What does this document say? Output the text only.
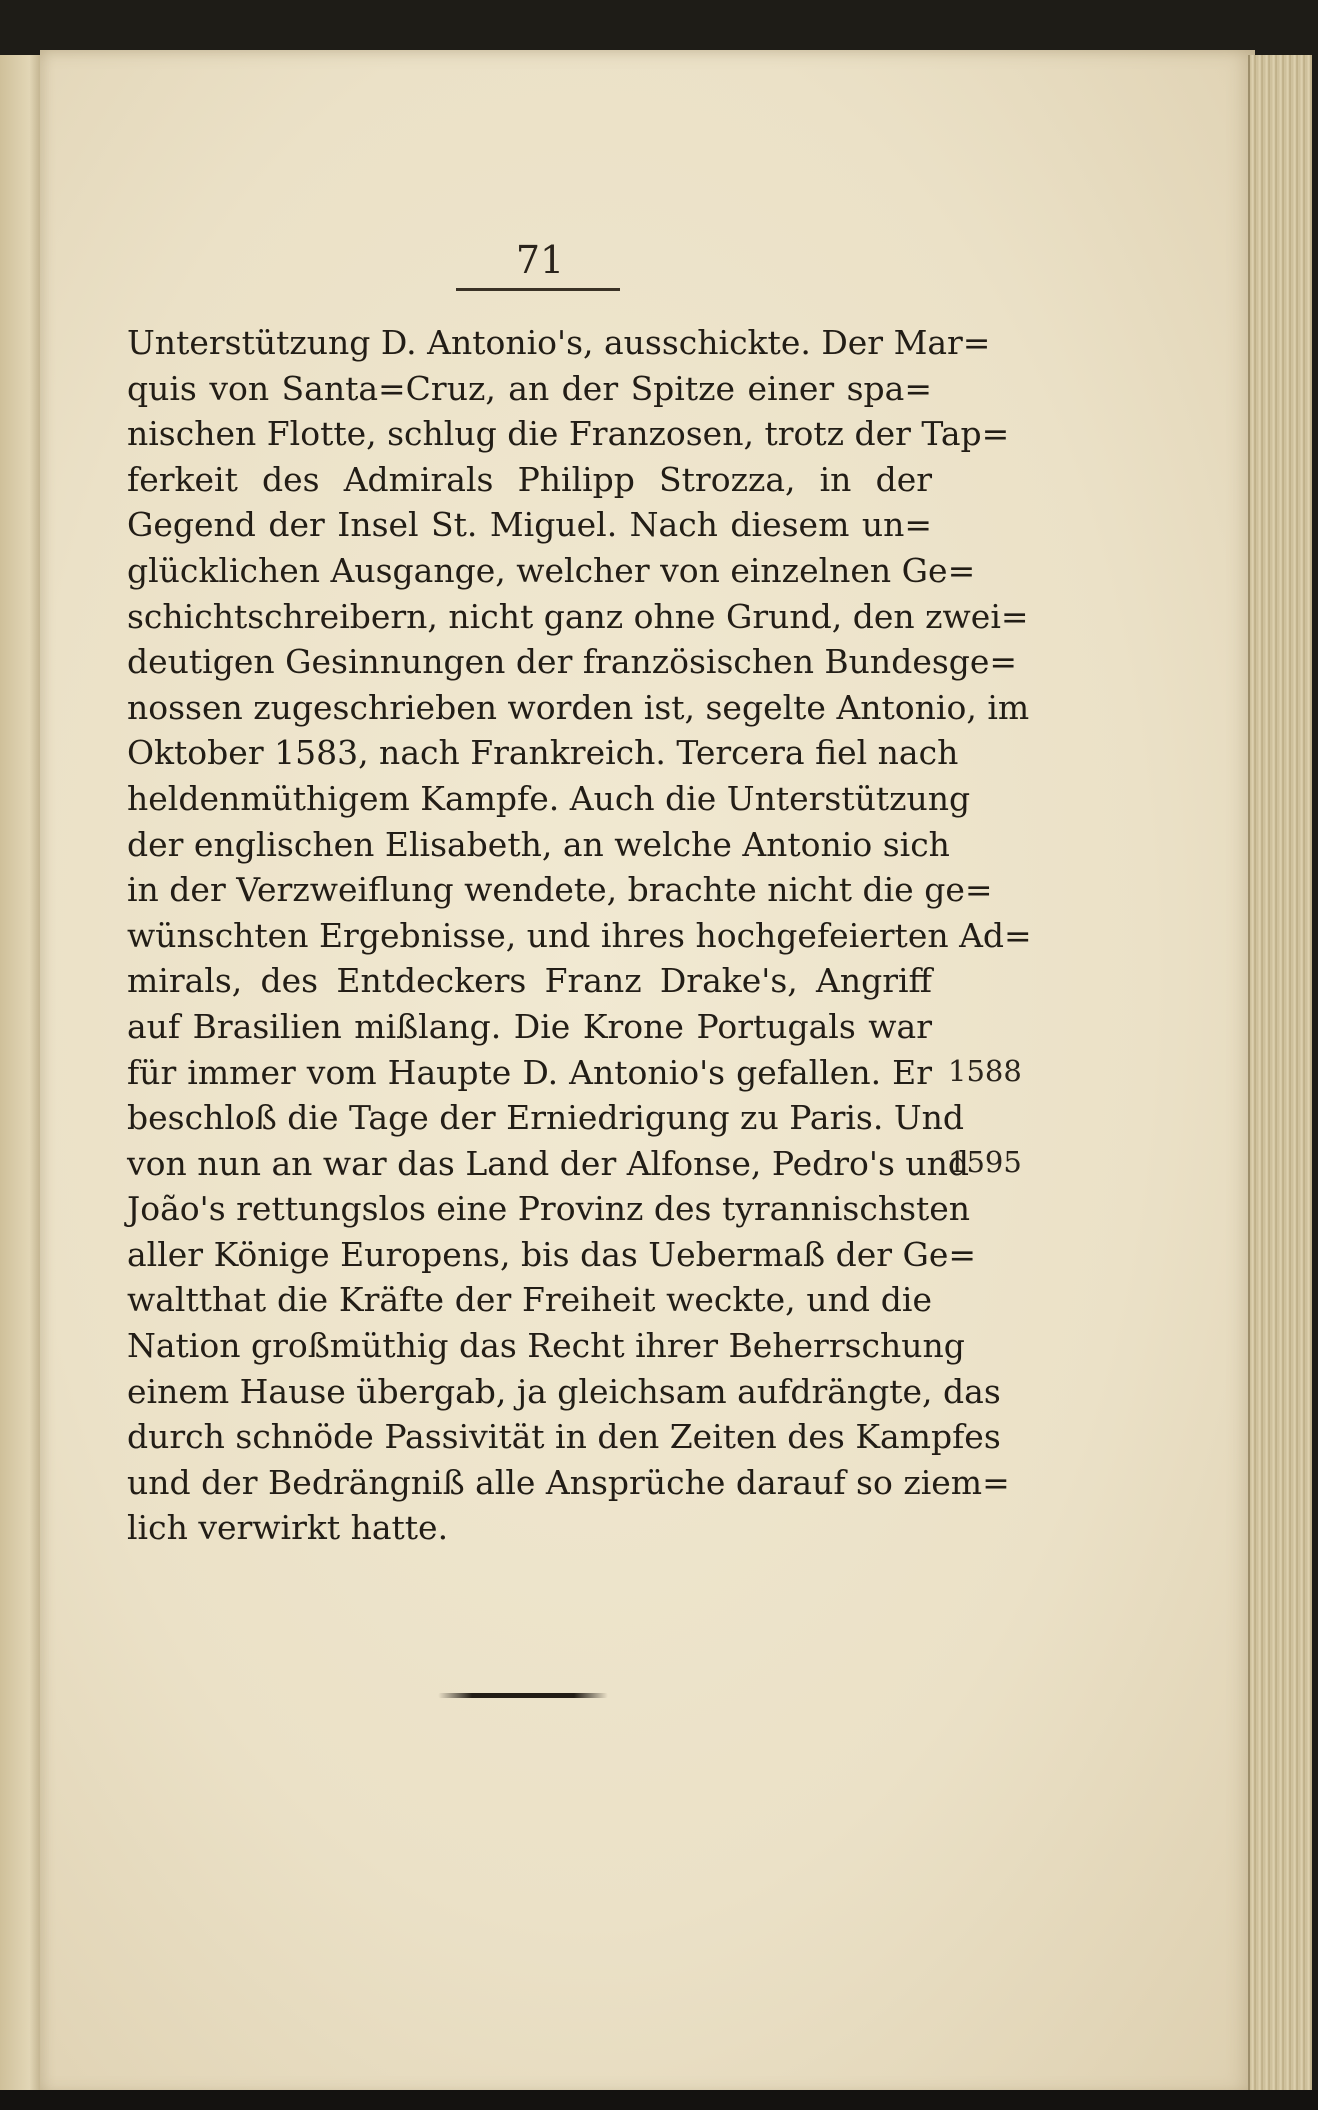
71
Unterstützung D. Antonio's, ausschickte. Der Mar=
quis von Santa=Cruz, an der Spitze einer spa=
nischen Flotte, schlug die Franzosen, trotz der Tap=
ferkeit des Admirals Philipp Strozza, in der
Gegend der Insel St. Miguel. Nach diesem un=
glücklichen Ausgange, welcher von einzelnen Ge=
schichtschreibern, nicht ganz ohne Grund, den zwei=
deutigen Gesinnungen der französischen Bundesge=
nossen zugeschrieben worden ist, segelte Antonio, im
Oktober 1583, nach Frankreich. Tercera fiel nach
heldenmüthigem Kampfe. Auch die Unterstützung
der englischen Elisabeth, an welche Antonio sich
in der Verzweiflung wendete, brachte nicht die ge=
wünschten Ergebnisse, und ihres hochgefeierten Ad=
mirals, des Entdeckers Franz Drake's, Angriff
auf Brasilien mißlang. Die Krone Portugals war
für immer vom Haupte D. Antonio's gefallen. Er
beschloß die Tage der Erniedrigung zu Paris. Und
von nun an war das Land der Alfonse, Pedro's und
João's rettungslos eine Provinz des tyrannischsten
aller Könige Europens, bis das Uebermaß der Ge=
waltthat die Kräfte der Freiheit weckte, und die
Nation großmüthig das Recht ihrer Beherrschung
einem Hause übergab, ja gleichsam aufdrängte, das
durch schnöde Passivität in den Zeiten des Kampfes
und der Bedrängniß alle Ansprüche darauf so ziem=
lich verwirkt hatte.
1588
1595
